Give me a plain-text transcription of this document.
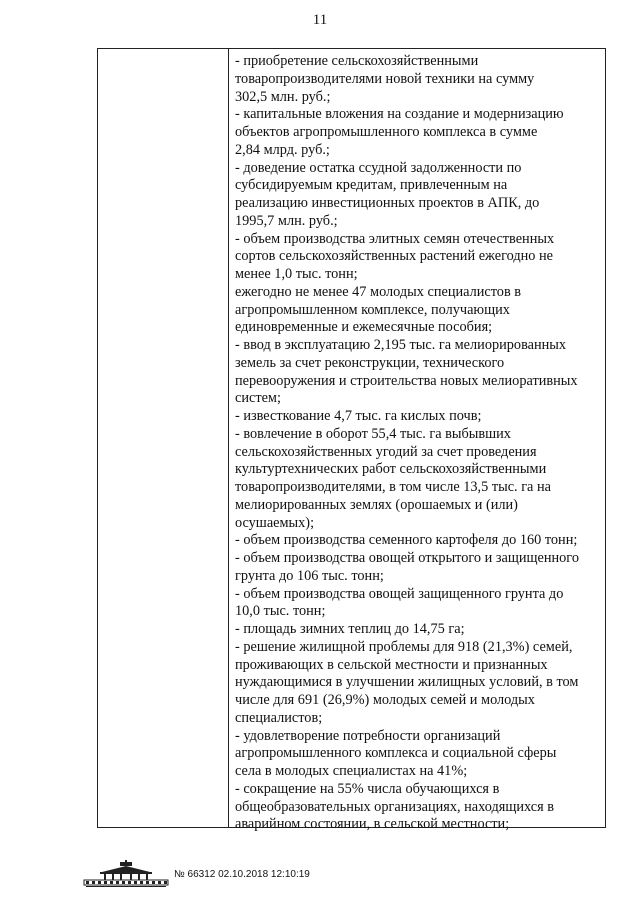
11
- приобретение сельскохозяйственными
товаропроизводителями новой техники на сумму
302,5 млн. руб.;
- капитальные вложения на создание и модернизацию
объектов агропромышленного комплекса в сумме
2,84 млрд. руб.;
- доведение остатка ссудной задолженности по
субсидируемым кредитам, привлеченным на
реализацию инвестиционных проектов в АПК, до
1995,7 млн. руб.;
- объем производства элитных семян отечественных
сортов сельскохозяйственных растений ежегодно не
менее 1,0 тыс. тонн;
ежегодно не менее 47 молодых специалистов в
агропромышленном комплексе, получающих
единовременные и ежемесячные пособия;
- ввод в эксплуатацию 2,195 тыс. га мелиорированных
земель за счет реконструкции, технического
перевооружения и строительства новых мелиоративных
систем;
- известкование 4,7 тыс. га кислых почв;
- вовлечение в оборот 55,4 тыс. га выбывших
сельскохозяйственных угодий за счет проведения
культуртехнических работ сельскохозяйственными
товаропроизводителями, в том числе 13,5 тыс. га на
мелиорированных землях (орошаемых и (или)
осушаемых);
- объем производства семенного картофеля до 160 тонн;
- объем производства овощей открытого и защищенного
грунта до 106 тыс. тонн;
- объем производства овощей защищенного грунта до
10,0 тыс. тонн;
- площадь зимних теплиц до 14,75 га;
- решение жилищной проблемы для 918 (21,3%) семей,
проживающих в сельской местности и признанных
нуждающимися в улучшении жилищных условий, в том
числе для 691 (26,9%) молодых семей и молодых
специалистов;
- удовлетворение потребности организаций
агропромышленного комплекса и социальной сферы
села в молодых специалистах на 41%;
- сокращение на 55% числа обучающихся в
общеобразовательных организациях, находящихся в
аварийном состоянии, в сельской местности;
№ 66312 02.10.2018 12:10:19
